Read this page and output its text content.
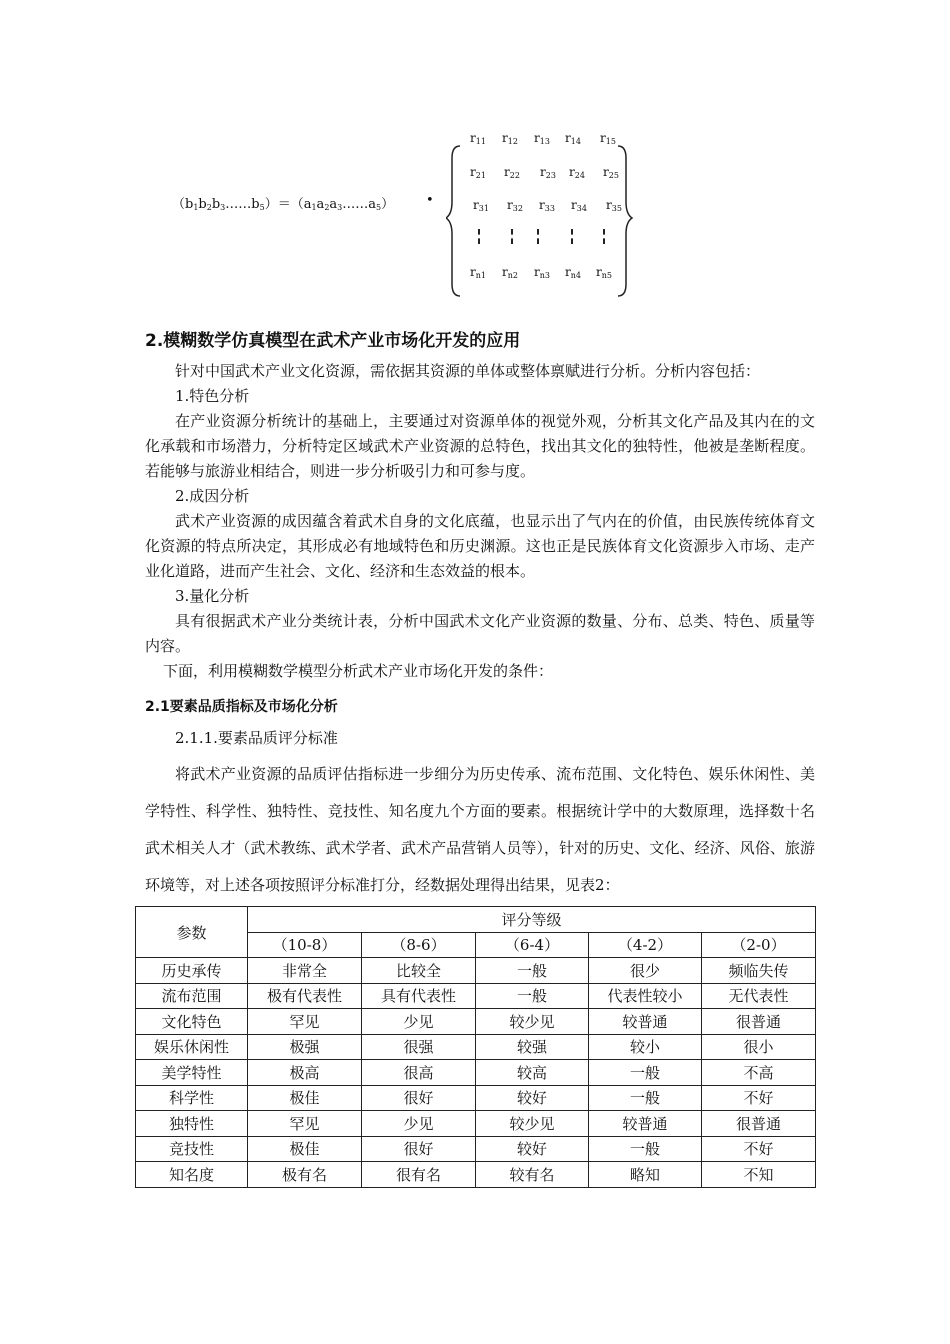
$(b_1b_2b_3\dots\dots b_5)=(a_1a_2a_3\dots\dots a_5)$ •
r11 r12 r13 r14 r15
r21 r22 r23 r24 r25
r31 r32 r33 r34 r35
rn1 rn2 rn3 rn4 rn5
2.模糊数学仿真模型在武术产业市场化开发的应用
针对中国武术产业文化资源，需依据其资源的单体或整体禀赋进行分析。分析内容包括：
1.特色分析
在产业资源分析统计的基础上，主要通过对资源单体的视觉外观，分析其文化产品及其内在的文化承载和市场潜力，分析特定区域武术产业资源的总特色，找出其文化的独特性，他被是垄断程度。若能够与旅游业相结合，则进一步分析吸引力和可参与度。
2.成因分析
武术产业资源的成因蕴含着武术自身的文化底蕴，也显示出了气内在的价值，由民族传统体育文化资源的特点所决定，其形成必有地域特色和历史渊源。这也正是民族体育文化资源步入市场、走产业化道路，进而产生社会、文化、经济和生态效益的根本。
3.量化分析
具有很据武术产业分类统计表，分析中国武术文化产业资源的数量、分布、总类、特色、质量等内容。
下面，利用模糊数学模型分析武术产业市场化开发的条件：
2.1要素品质指标及市场化分析
2.1.1.要素品质评分标准
将武术产业资源的品质评估指标进一步细分为历史传承、流布范围、文化特色、娱乐休闲性、美学特性、科学性、独特性、竞技性、知名度九个方面的要素。根据统计学中的大数原理，选择数十名武术相关人才（武术教练、武术学者、武术产品营销人员等），针对的历史、文化、经济、风俗、旅游环境等，对上述各项按照评分标准打分，经数据处理得出结果，见表2：
参数	评分等级				
	（10-8）	（8-6）	（6-4）	（4-2）	（2-0）
历史承传	非常全	比较全	一般	很少	频临失传
流布范围	极有代表性	具有代表性	一般	代表性较小	无代表性
文化特色	罕见	少见	较少见	较普通	很普通
娱乐休闲性	极强	很强	较强	较小	很小
美学特性	极高	很高	较高	一般	不高
科学性	极佳	很好	较好	一般	不好
独特性	罕见	少见	较少见	较普通	很普通
竞技性	极佳	很好	较好	一般	不好
知名度	极有名	很有名	较有名	略知	不知
